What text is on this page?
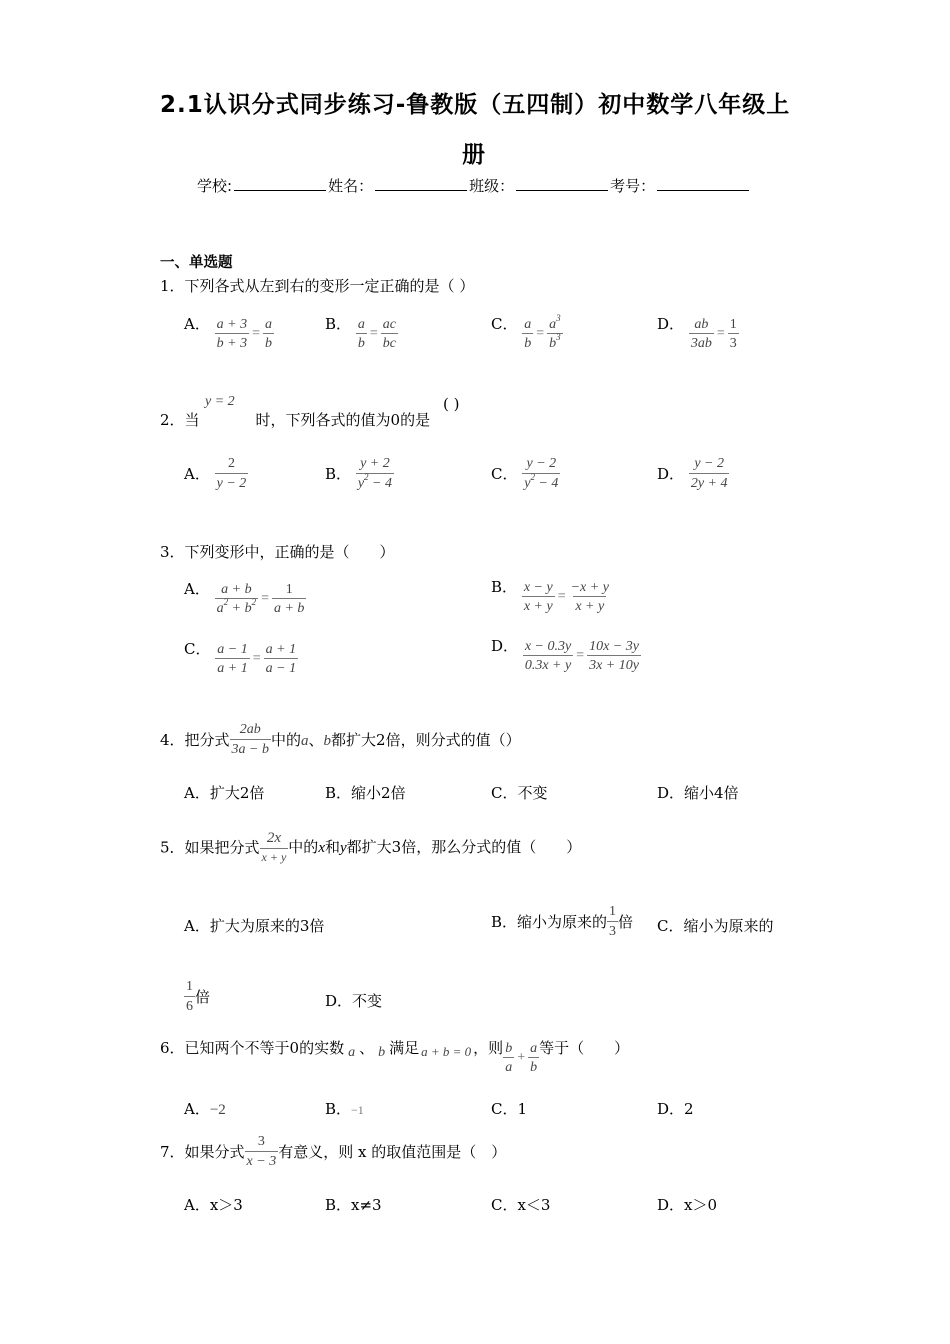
2.1认识分式同步练习-鲁教版（五四制）初中数学八年级上
册
学校:	姓名：	班级：	考号：
一、单选题
1．下列各式从左到右的变形一定正确的是（ ）
A． $\frac{a + 3}{b + 3} = \frac{a}{b}$	B． $\frac{a}{b} = \frac{ac}{bc}$	C． $\frac{a}{b} = \frac{a^3}{b^3}$	D． $\frac{ab}{3ab} = \frac{1}{3}$
2．当	时，下列各式的值为0的是
y = 2	( )
A． $\frac{2}{y - 2}$	B． $\frac{y + 2}{y^2 - 4}$	C． $\frac{y - 2}{y^2 - 4}$	D． $\frac{y - 2}{2y + 4}$
3．下列变形中，正确的是（　　）
A． $\frac{a + b}{a^2 + b^2} = \frac{1}{a + b}$	B． $\frac{x - y}{x + y} = \frac{-x + y}{x + y}$
C． $\frac{a - 1}{a + 1} = \frac{a + 1}{a - 1}$	D． $\frac{x - 0.3y}{0.3x + y} = \frac{10x - 3y}{3x + 10y}$
4．把分式 $\frac{2ab}{3a - b}$ 中的a、b都扩大2倍，则分式的值（）
A．扩大2倍	B．缩小2倍	C．不变	D．缩小4倍
5．如果把分式 $\frac{2x}{x + y}$ 中的x和y都扩大3倍，那么分式的值（　　）
A．扩大为原来的3倍	B．缩小为原来的 $\frac{1}{3}$ 倍 C．缩小为原来的
$\frac{1}{6}$ 倍	D．不变
6．已知两个不等于0的实数 a 、 b 满足 a + b = 0 ，则 $\frac{b}{a} + \frac{a}{b}$ 等于（　　）
A．−2	B．−1	C．1	D．2
7．如果分式 $\frac{3}{x - 3}$ 有意义，则 x 的取值范围是（　）
A．x＞3	B．x≠3	C．x＜3	D．x＞0
